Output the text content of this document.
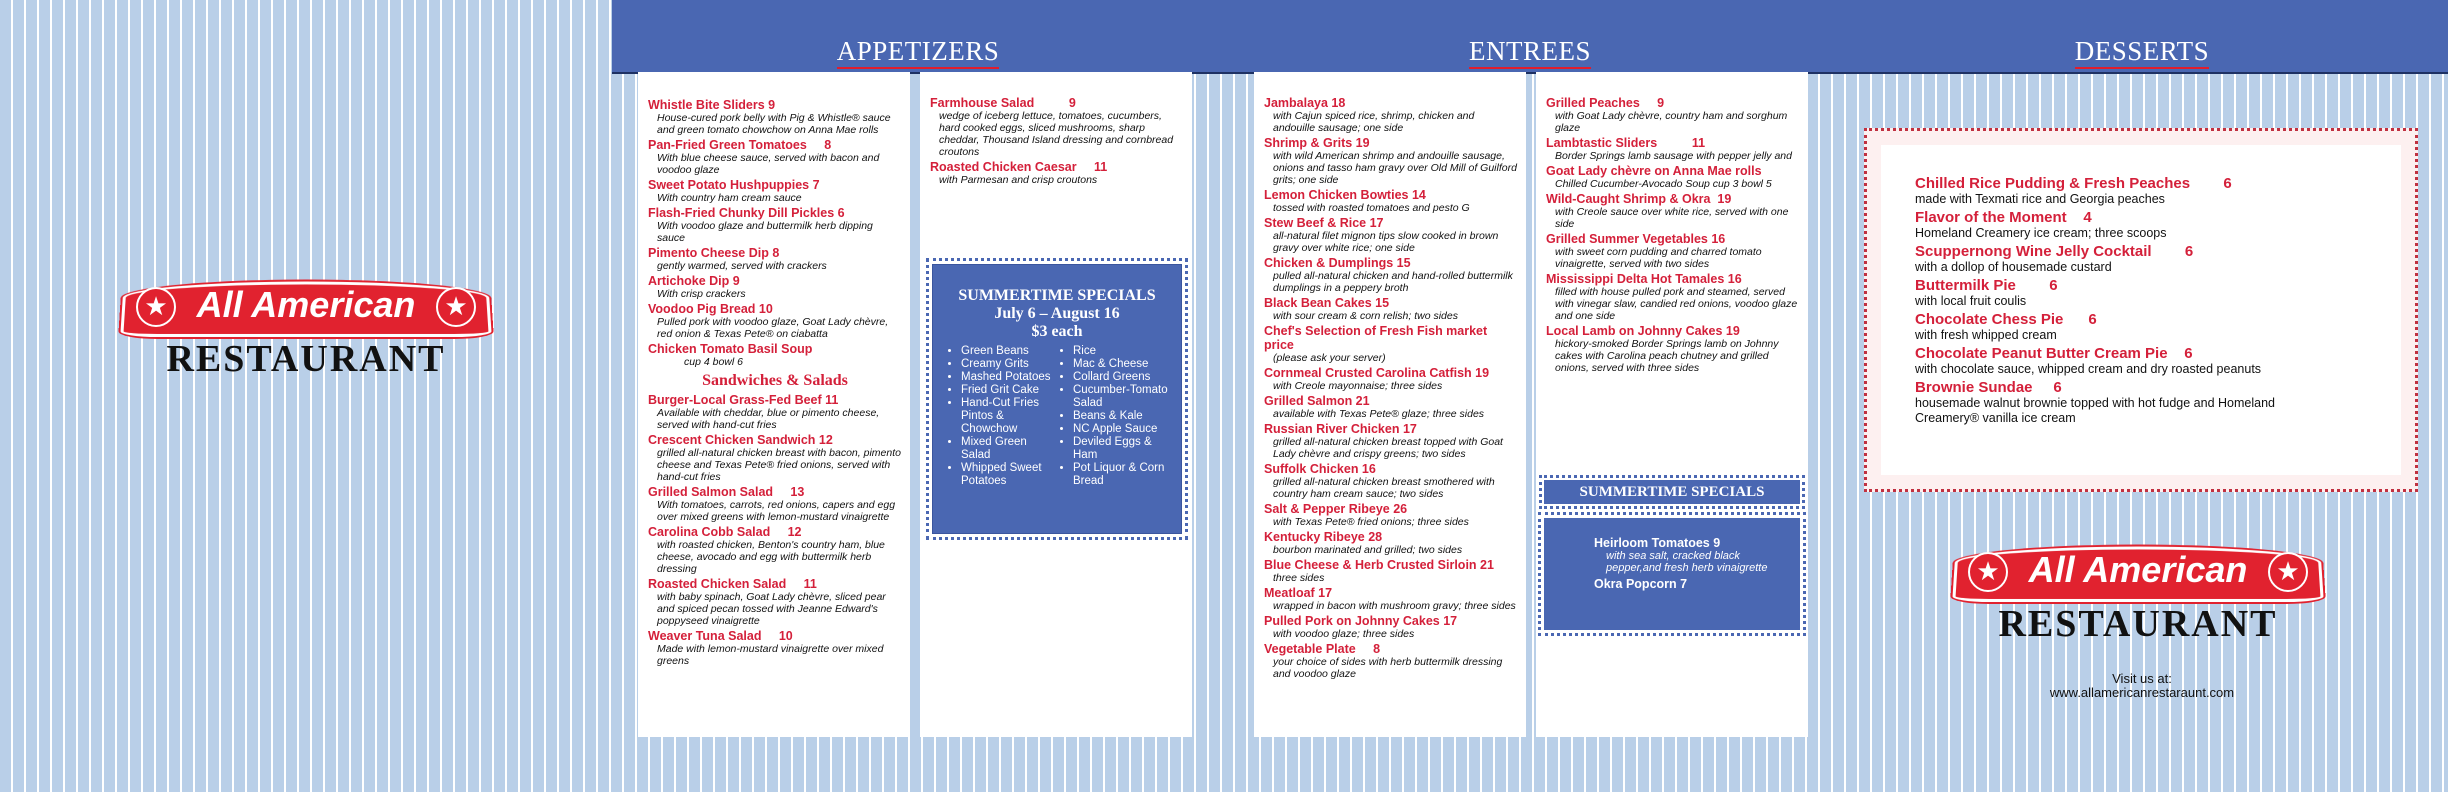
★	★
All American
RESTAURANT
APPETIZERS
Whistle Bite Sliders 9
House-cured pork belly with Pig & Whistle® sauce and green tomato chowchow on Anna Mae rolls
Pan-Fried Green Tomatoes     8
With blue cheese sauce, served with bacon and voodoo glaze
Sweet Potato Hushpuppies 7
With country ham cream sauce
Flash-Fried Chunky Dill Pickles 6
With voodoo glaze and buttermilk herb dipping sauce
Pimento Cheese Dip 8
gently warmed, served with crackers
Artichoke Dip 9
With crisp crackers
Voodoo Pig Bread 10
Pulled pork with voodoo glaze, Goat Lady chèvre, red onion & Texas Pete® on ciabatta
Chicken Tomato Basil Soup
cup 4 bowl 6
Sandwiches & Salads
Burger-Local Grass-Fed Beef 11
Available with cheddar, blue or pimento cheese, served with hand-cut fries
Crescent Chicken Sandwich 12
grilled all-natural chicken breast with bacon, pimento cheese and Texas Pete® fried onions, served with hand-cut fries
Grilled Salmon Salad     13
With tomatoes, carrots, red onions, capers and egg over mixed greens with lemon-mustard vinaigrette
Carolina Cobb Salad     12
with roasted chicken, Benton's country ham, blue cheese, avocado and egg with buttermilk herb dressing
Roasted Chicken Salad     11
with baby spinach, Goat Lady chèvre, sliced pear and spiced pecan tossed with Jeanne Edward's poppyseed vinaigrette
Weaver Tuna Salad     10
Made with lemon-mustard vinaigrette over mixed greens
Farmhouse Salad          9
wedge of iceberg lettuce, tomatoes, cucumbers, hard cooked eggs, sliced mushrooms, sharp cheddar, Thousand Island dressing and cornbread croutons
Roasted Chicken Caesar     11
with Parmesan and crisp croutons
SUMMERTIME SPECIALS
July 6 – August 16
$3 each
• Green Beans
• Creamy Grits
• Mashed Potatoes
• Fried Grit Cake
• Hand-Cut Fries Pintos & Chowchow
• Mixed Green Salad
• Whipped Sweet Potatoes
• Rice
• Mac & Cheese
• Collard Greens
• Cucumber-Tomato Salad
• Beans & Kale
• NC Apple Sauce
• Deviled Eggs & Ham
• Pot Liquor & Corn Bread
ENTREES
Jambalaya 18
with Cajun spiced rice, shrimp, chicken and andouille sausage; one side
Shrimp & Grits 19
with wild American shrimp and andouille sausage, onions and tasso ham gravy over Old Mill of Guilford grits; one side
Lemon Chicken Bowties 14
tossed with roasted tomatoes and pesto G
Stew Beef & Rice 17
all-natural filet mignon tips slow cooked in brown gravy over white rice; one side
Chicken & Dumplings 15
pulled all-natural chicken and hand-rolled buttermilk dumplings in a peppery broth
Black Bean Cakes 15
with sour cream & corn relish; two sides
Chef's Selection of Fresh Fish market price
(please ask your server)
Cornmeal Crusted Carolina Catfish 19
with Creole mayonnaise; three sides
Grilled Salmon 21
available with Texas Pete® glaze; three sides
Russian River Chicken 17
grilled all-natural chicken breast topped with Goat Lady chèvre and crispy greens; two sides
Suffolk Chicken 16
grilled all-natural chicken breast smothered with country ham cream sauce; two sides
Salt & Pepper Ribeye 26
with Texas Pete® fried onions; three sides
Kentucky Ribeye 28
bourbon marinated and grilled; two sides
Blue Cheese & Herb Crusted Sirloin 21
three sides
Meatloaf 17
wrapped in bacon with mushroom gravy; three sides
Pulled Pork on Johnny Cakes 17
with voodoo glaze; three sides
Vegetable Plate     8
your choice of sides with herb buttermilk dressing and voodoo glaze
Grilled Peaches     9
with Goat Lady chèvre, country ham and sorghum glaze
Lambtastic Sliders          11
Border Springs lamb sausage with pepper jelly and
Goat Lady chèvre on Anna Mae rolls
Chilled Cucumber-Avocado Soup cup 3 bowl 5
Wild-Caught Shrimp & Okra  19
with Creole sauce over white rice, served with one side
Grilled Summer Vegetables 16
with sweet corn pudding and charred tomato vinaigrette, served with two sides
Mississippi Delta Hot Tamales 16
filled with house pulled pork and steamed, served with vinegar slaw, candied red onions, voodoo glaze and one side
Local Lamb on Johnny Cakes 19
hickory-smoked Border Springs lamb on Johnny cakes with Carolina peach chutney and grilled onions, served with three sides
SUMMERTIME SPECIALS
Heirloom Tomatoes 9
with sea salt, cracked black pepper,and fresh herb vinaigrette
Okra Popcorn 7
DESSERTS
Chilled Rice Pudding & Fresh Peaches        6
made with Texmati rice and Georgia peaches
Flavor of the Moment    4
Homeland Creamery ice cream; three scoops
Scuppernong Wine Jelly Cocktail        6
with a dollop of housemade custard
Buttermilk Pie        6
with local fruit coulis
Chocolate Chess Pie      6
with fresh whipped cream
Chocolate Peanut Butter Cream Pie    6
with chocolate sauce, whipped cream and dry roasted peanuts
Brownie Sundae     6
housemade walnut brownie topped with hot fudge and Homeland Creamery® vanilla ice cream
★	★
All American
RESTAURANT
Visit us at:
www.allamericanrestaraunt.com
